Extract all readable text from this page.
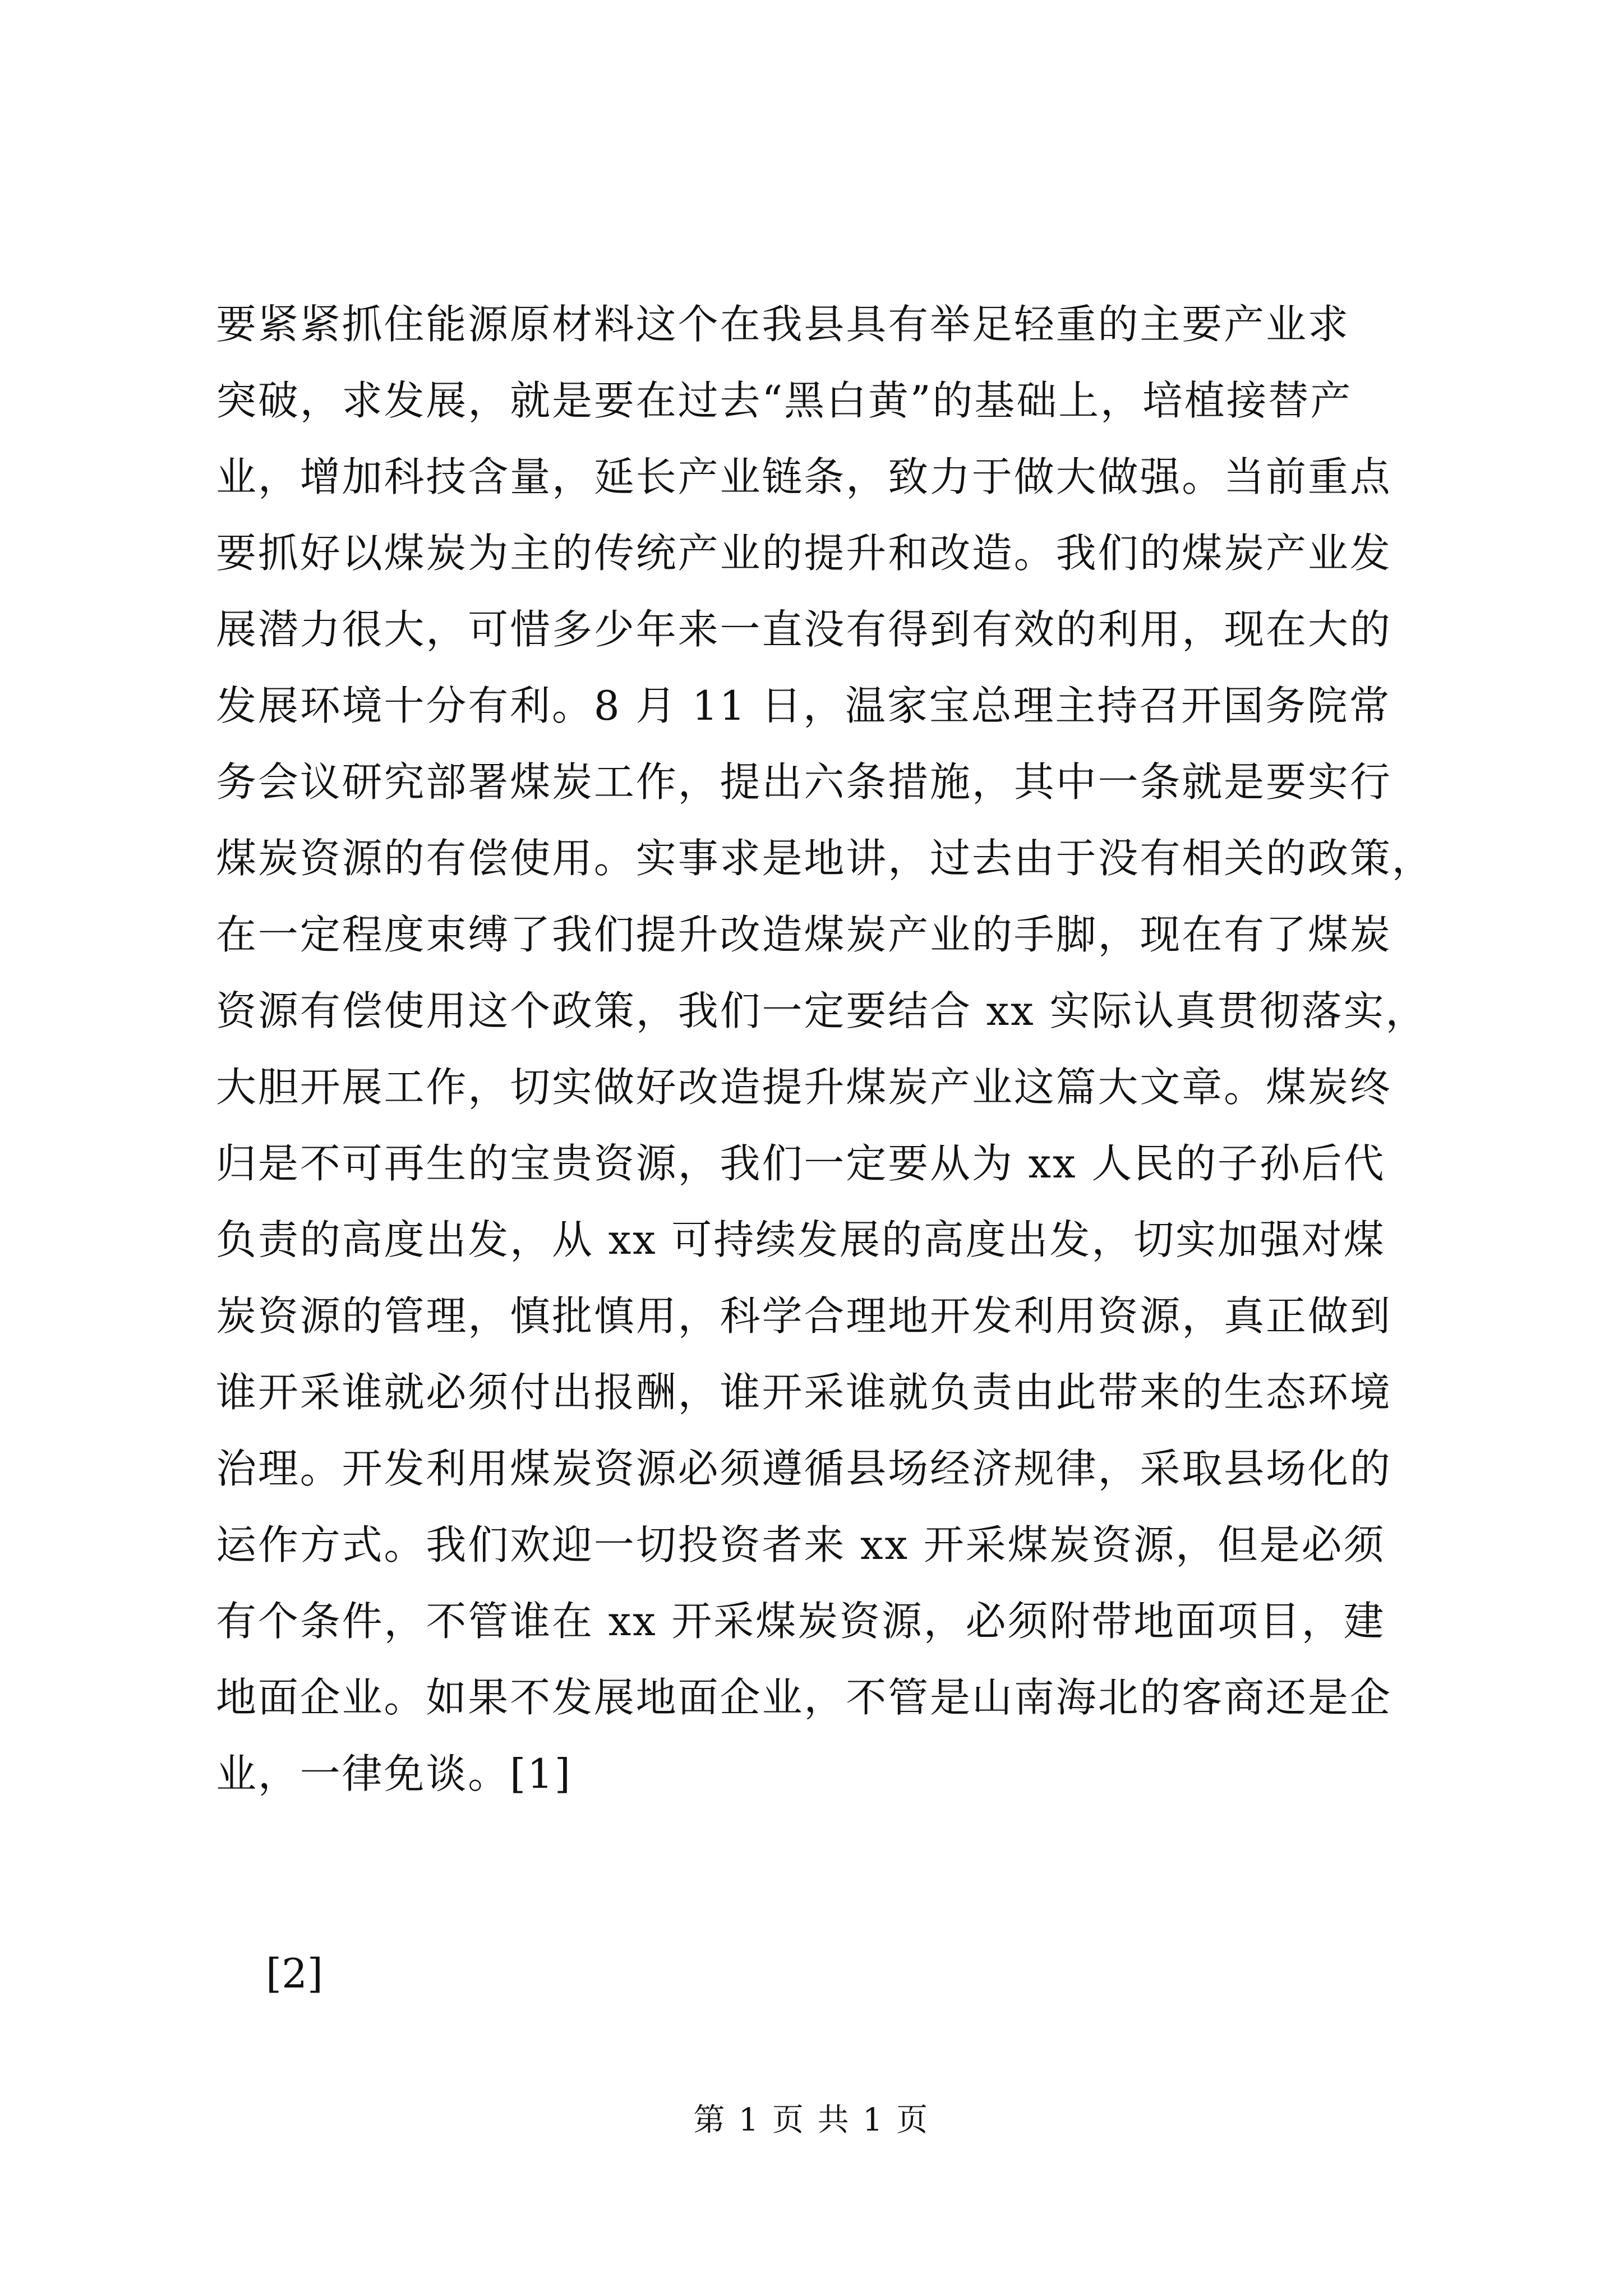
要紧紧抓住能源原材料这个在我县具有举足轻重的主要产业求
突破，求发展，就是要在过去“黑白黄”的基础上，培植接替产
业，增加科技含量，延长产业链条，致力于做大做强。当前重点
要抓好以煤炭为主的传统产业的提升和改造。我们的煤炭产业发
展潜力很大，可惜多少年来一直没有得到有效的利用，现在大的
发展环境十分有利。8 月 11 日，温家宝总理主持召开国务院常
务会议研究部署煤炭工作，提出六条措施，其中一条就是要实行
煤炭资源的有偿使用。实事求是地讲，过去由于没有相关的政策，
在一定程度束缚了我们提升改造煤炭产业的手脚，现在有了煤炭
资源有偿使用这个政策，我们一定要结合 xx 实际认真贯彻落实，
大胆开展工作，切实做好改造提升煤炭产业这篇大文章。煤炭终
归是不可再生的宝贵资源，我们一定要从为 xx 人民的子孙后代
负责的高度出发，从 xx 可持续发展的高度出发，切实加强对煤
炭资源的管理，慎批慎用，科学合理地开发利用资源，真正做到
谁开采谁就必须付出报酬，谁开采谁就负责由此带来的生态环境
治理。开发利用煤炭资源必须遵循县场经济规律，采取县场化的
运作方式。我们欢迎一切投资者来 xx 开采煤炭资源，但是必须
有个条件，不管谁在 xx 开采煤炭资源，必须附带地面项目，建
地面企业。如果不发展地面企业，不管是山南海北的客商还是企
业，一律免谈。[1]
[2]
第 1 页 共 1 页
